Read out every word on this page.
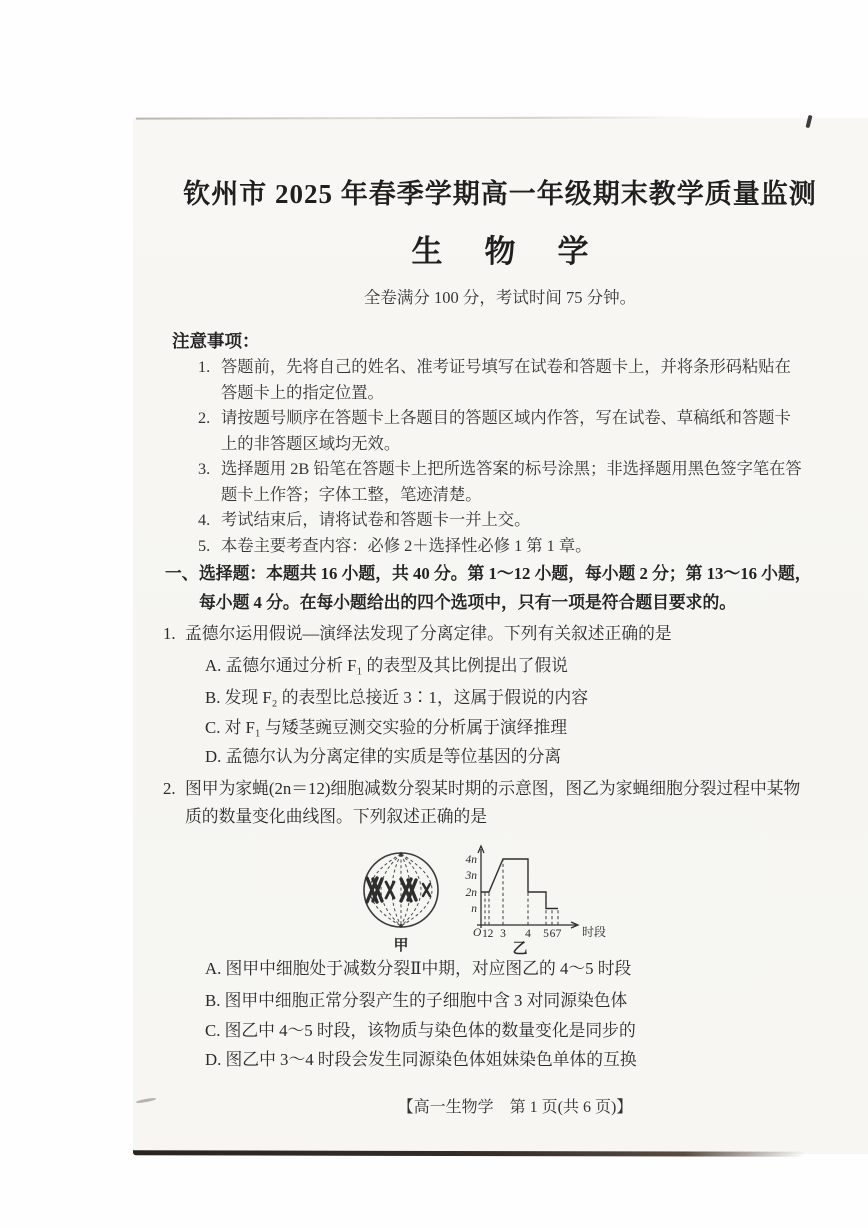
钦州市 2025 年春季学期高一年级期末教学质量监测
生物学
全卷满分 100 分，考试时间 75 分钟。
注意事项：

1. 答题前，先将自己的姓名、准考证号填写在试卷和答题卡上，并将条形码粘贴在答题卡上的指定位置。

2. 请按题号顺序在答题卡上各题目的答题区域内作答，写在试卷、草稿纸和答题卡上的非答题区域均无效。

3. 选择题用 2B 铅笔在答题卡上把所选答案的标号涂黑；非选择题用黑色签字笔在答题卡上作答；字体工整，笔迹清楚。

4. 考试结束后，请将试卷和答题卡一并上交。

5. 本卷主要考查内容：必修 2＋选择性必修 1 第 1 章。

一、 选择题：本题共 16 小题，共 40 分。第 1～12 小题，每小题 2 分；第 13～16 小题，每小题 4 分。在每小题给出的四个选项中，只有一项是符合题目要求的。
1. 孟德尔运用假说—演绎法发现了分离定律。下列有关叙述正确的是
A. 孟德尔通过分析 F₁ 的表型及其比例提出了假说
B. 发现 F₂ 的表型比总接近 3∶1，这属于假说的内容
C. 对 F₁ 与矮茎豌豆测交实验的分析属于演绎推理
D. 孟德尔认为分离定律的实质是等位基因的分离
2. 图甲为家蝇(2n＝12)细胞减数分裂某时期的示意图，图乙为家蝇细胞分裂过程中某物质的数量变化曲线图。下列叙述正确的是
甲
4n
3n
2n
n
O 1 2 3 4 5 6 7 时段
乙
A. 图甲中细胞处于减数分裂Ⅱ中期，对应图乙的 4～5 时段
B. 图甲中细胞正常分裂产生的子细胞中含 3 对同源染色体
C. 图乙中 4～5 时段，该物质与染色体的数量变化是同步的
D. 图乙中 3～4 时段会发生同源染色体姐妹染色单体的互换
【高一生物学　第 1 页(共 6 页)】
